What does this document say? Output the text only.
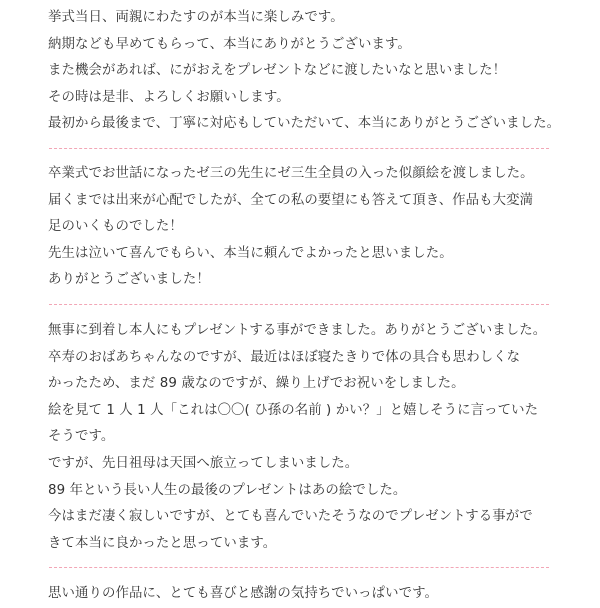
挙式当日、両親にわたすのが本当に楽しみです。

納期なども早めてもらって、本当にありがとうございます。

また機会があれば、にがおえをプレゼントなどに渡したいなと思いました！

その時は是非、よろしくお願いします。

最初から最後まで、丁寧に対応もしていただいて、本当にありがとうございました。

卒業式でお世話になったゼ三の先生にゼ三生全員の入った似顔絵を渡しました。

届くまでは出来が心配でしたが、全ての私の要望にも答えて頂き、作品も大変満

足のいくものでした！

先生は泣いて喜んでもらい、本当に頼んでよかったと思いました。

ありがとうございました！

無事に到着し本人にもプレゼントする事ができました。ありがとうございました。

卒寿のおばあちゃんなのですが、最近はほぼ寝たきりで体の具合も思わしくな

かったため、まだ 89 歳なのですが、繰り上げでお祝いをしました。

絵を見て 1 人 1 人「これは〇〇( ひ孫の名前 ) かい？」と嬉しそうに言っていた

そうです。

ですが、先日祖母は天国へ旅立ってしまいました。

89 年という長い人生の最後のプレゼントはあの絵でした。

今はまだ凄く寂しいですが、とても喜んでいたそうなのでプレゼントする事がで

きて本当に良かったと思っています。

思い通りの作品に、とても喜びと感謝の気持ちでいっぱいです。
